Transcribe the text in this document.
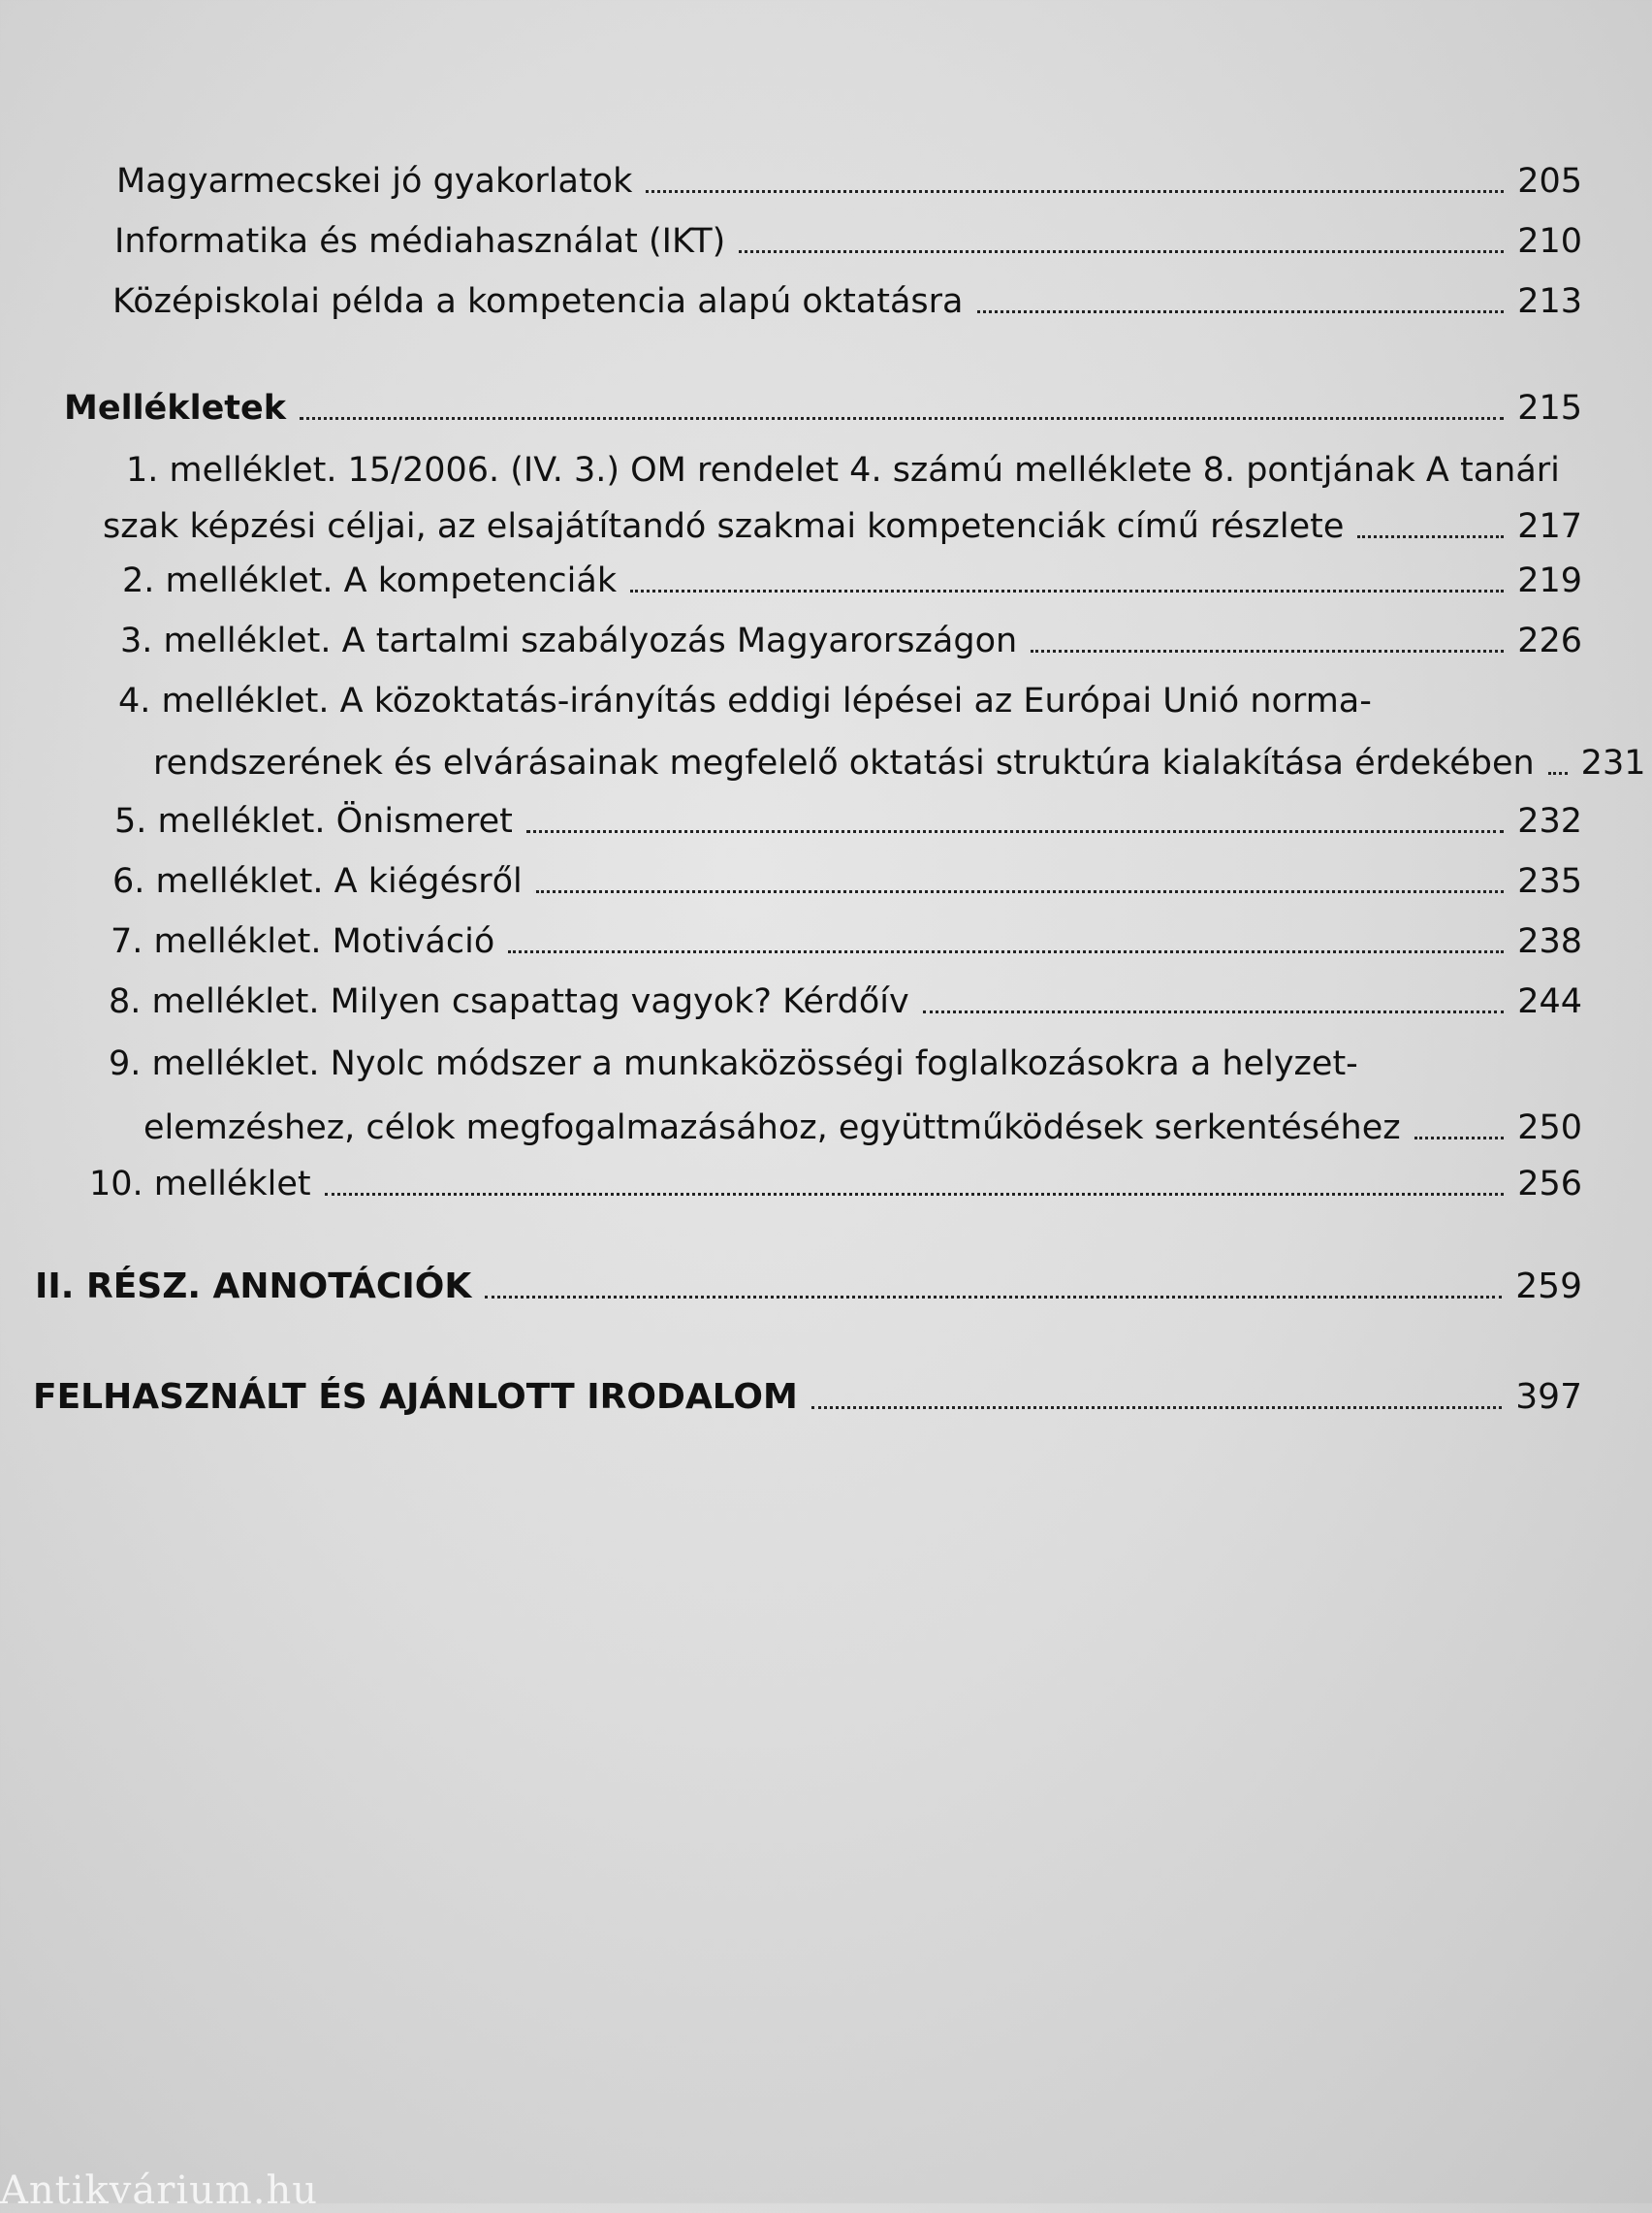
Magyarmecskei jó gyakorlatok	205
Informatika és médiahasználat (IKT)	210
Középiskolai példa a kompetencia alapú oktatásra	213
Mellékletek	215
1. melléklet. 15/2006. (IV. 3.) OM rendelet 4. számú melléklete 8. pontjának A tanári
szak képzési céljai, az elsajátítandó szakmai kompetenciák című részlete	217
2. melléklet. A kompetenciák	219
3. melléklet. A tartalmi szabályozás Magyarországon	226
4. melléklet. A közoktatás-irányítás eddigi lépései az Európai Unió norma-
rendszerének és elvárásainak megfelelő oktatási struktúra kialakítása érdekében 231
5. melléklet. Önismeret	232
6. melléklet. A kiégésről	235
7. melléklet. Motiváció	238
8. melléklet. Milyen csapattag vagyok? Kérdőív	244
9. melléklet. Nyolc módszer a munkaközösségi foglalkozásokra a helyzet-
elemzéshez, célok megfogalmazásához, együttműködések serkentéséhez	250
10. melléklet	256
II. RÉSZ. ANNOTÁCIÓK	259
FELHASZNÁLT ÉS AJÁNLOTT IRODALOM	397
Antikvárium.hu
